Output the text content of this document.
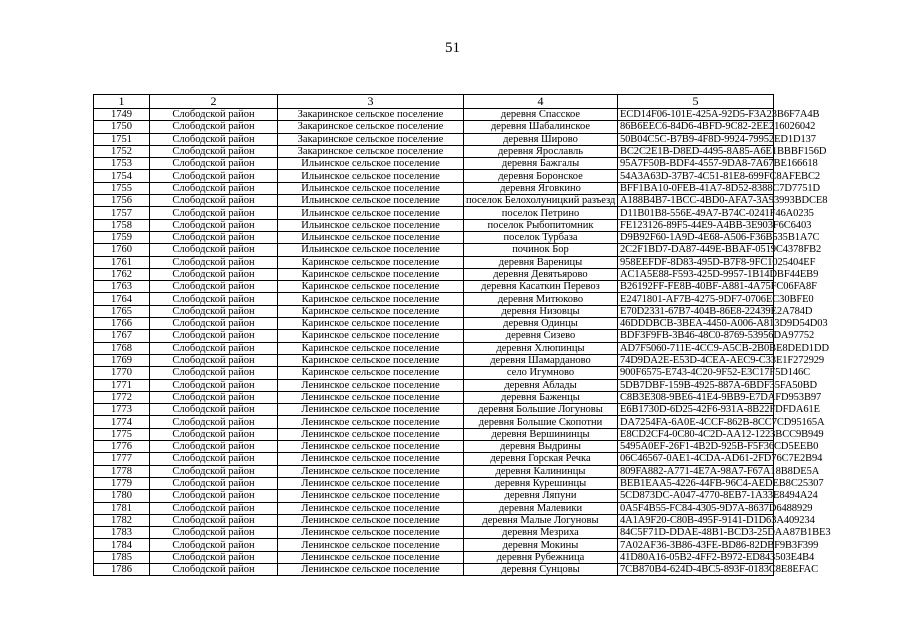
51
1	2	3	4	5
1749	Слободской район	Закаринское сельское поселение	деревня Спасское	ECD14F06-101E-425A-92D5-F3A23B6F7A4B
1750	Слободской район	Закаринское сельское поселение	деревня Шабалинское	86B6EEC6-84D6-4BFD-9C82-2EE216026042
1751	Слободской район	Закаринское сельское поселение	деревня Широво	50B04C5C-B7B9-4F8D-9924-79952ED1D137
1752	Слободской район	Закаринское сельское поселение	деревня Ярославль	BC2C2E1B-D8ED-4495-8A85-A6E1BBBF156D
1753	Слободской район	Ильинское сельское поселение	деревня Бажгалы	95A7F50B-BDF4-4557-9DA8-7A67BE166618
1754	Слободской район	Ильинское сельское поселение	деревня Боронское	54A3A63D-37B7-4C51-81E8-699FC8AFEBC2
1755	Слободской район	Ильинское сельское поселение	деревня Яговкино	BFF1BA10-0FEB-41A7-8D52-8388C7D7751D
1756	Слободской район	Ильинское сельское поселение	поселок Белохолуницкий разъезд	A188B4B7-1BCC-4BD0-AFA7-3A93993BDCE8
1757	Слободской район	Ильинское сельское поселение	поселок Петрино	D11B01B8-556E-49A7-B74C-0241F46A0235
1758	Слободской район	Ильинское сельское поселение	поселок Рыбопитомник	FE123126-89F5-44E9-A4BB-3E903F6C6403
1759	Слободской район	Ильинское сельское поселение	поселок Турбаза	D9B92F60-1A9D-4E68-A506-F36B535B1A7C
1760	Слободской район	Ильинское сельское поселение	починок Бор	2C2F1BD7-DA87-449E-BBAF-0519C4378FB2
1761	Слободской район	Каринское сельское поселение	деревня Вареницы	958EEFDF-8D83-495D-B7F8-9FC1025404EF
1762	Слободской район	Каринское сельское поселение	деревня Девятьярово	AC1A5E88-F593-425D-9957-1B14DBF44EB9
1763	Слободской район	Каринское сельское поселение	деревня Касаткин Перевоз	B26192FF-FE8B-40BF-A881-4A75FC06FA8F
1764	Слободской район	Каринское сельское поселение	деревня Митюково	E2471801-AF7B-4275-9DF7-0706EC30BFE0
1765	Слободской район	Каринское сельское поселение	деревня Низовцы	E70D2331-67B7-404B-86E8-22439E2A784D
1766	Слободской район	Каринское сельское поселение	деревня Одинцы	46DDDBCB-3BEA-4450-A006-A813D9D54D03
1767	Слободской район	Каринское сельское поселение	деревня Сизево	BDF3F9FB-3B46-48C0-8769-53956DA97752
1768	Слободской район	Каринское сельское поселение	деревня Хлюпинцы	AD7F5060-711E-4CC9-A5CB-2B0BE8DED1DD
1769	Слободской район	Каринское сельское поселение	деревня Шамарданово	74D9DA2E-E53D-4CEA-AEC9-C33E1F272929
1770	Слободской район	Каринское сельское поселение	село Игумново	900F6575-E743-4C20-9F52-E3C17F5D146C
1771	Слободской район	Ленинское сельское поселение	деревня Аблады	5DB7DBF-159B-4925-887A-6BDF35FA50BD
1772	Слободской район	Ленинское сельское поселение	деревня Баженцы	C8B3E308-9BE6-41E4-9BB9-E7DAFD953B97
1773	Слободской район	Ленинское сельское поселение	деревня Большие Логуновы	E6B1730D-6D25-42F6-931A-8B22FDFDA61E
1774	Слободской район	Ленинское сельское поселение	деревня Большие Скопотни	DA7254FA-6A0E-4CCF-862B-8CC7CD95165A
1775	Слободской район	Ленинское сельское поселение	деревня Вершининцы	E8CD2CF4-0C80-4C2D-AA12-1223BCC9B949
1776	Слободской район	Ленинское сельское поселение	деревня Выдрины	5495A0EF-26F1-4B2D-925B-F5F36CD5EEB0
1777	Слободской район	Ленинское сельское поселение	деревня Горская Речка	06C46567-0AE1-4CDA-AD61-2FD76C7E2B94
1778	Слободской район	Ленинское сельское поселение	деревня Калининцы	809FA882-A771-4E7A-98A7-F67A18B8DE5A
1779	Слободской район	Ленинское сельское поселение	деревня Курешинцы	BEB1EAA5-4226-44FB-96C4-AEDEB8C25307
1780	Слободской район	Ленинское сельское поселение	деревня Ляпуни	5CD873DC-A047-4770-8EB7-1A33E8494A24
1781	Слободской район	Ленинское сельское поселение	деревня Малевики	0A5F4B55-FC84-4305-9D7A-8637D6488929
1782	Слободской район	Ленинское сельское поселение	деревня Малые Логуновы	4A1A9F20-C80B-495F-9141-D1D63A409234
1783	Слободской район	Ленинское сельское поселение	деревня Мезриха	84C5F71D-DDAE-48B1-BCD3-25DAA87B1BE3
1784	Слободской район	Ленинское сельское поселение	деревня Мокины	7A02AF36-3B86-43FE-BD86-82DBF9B3F399
1785	Слободской район	Ленинское сельское поселение	деревня Рубежница	41D80A16-05B2-4FF2-B972-ED843503E4B4
1786	Слободской район	Ленинское сельское поселение	деревня Сунцовы	7CB870B4-624D-4BC5-893F-0183C8E8EFAC
